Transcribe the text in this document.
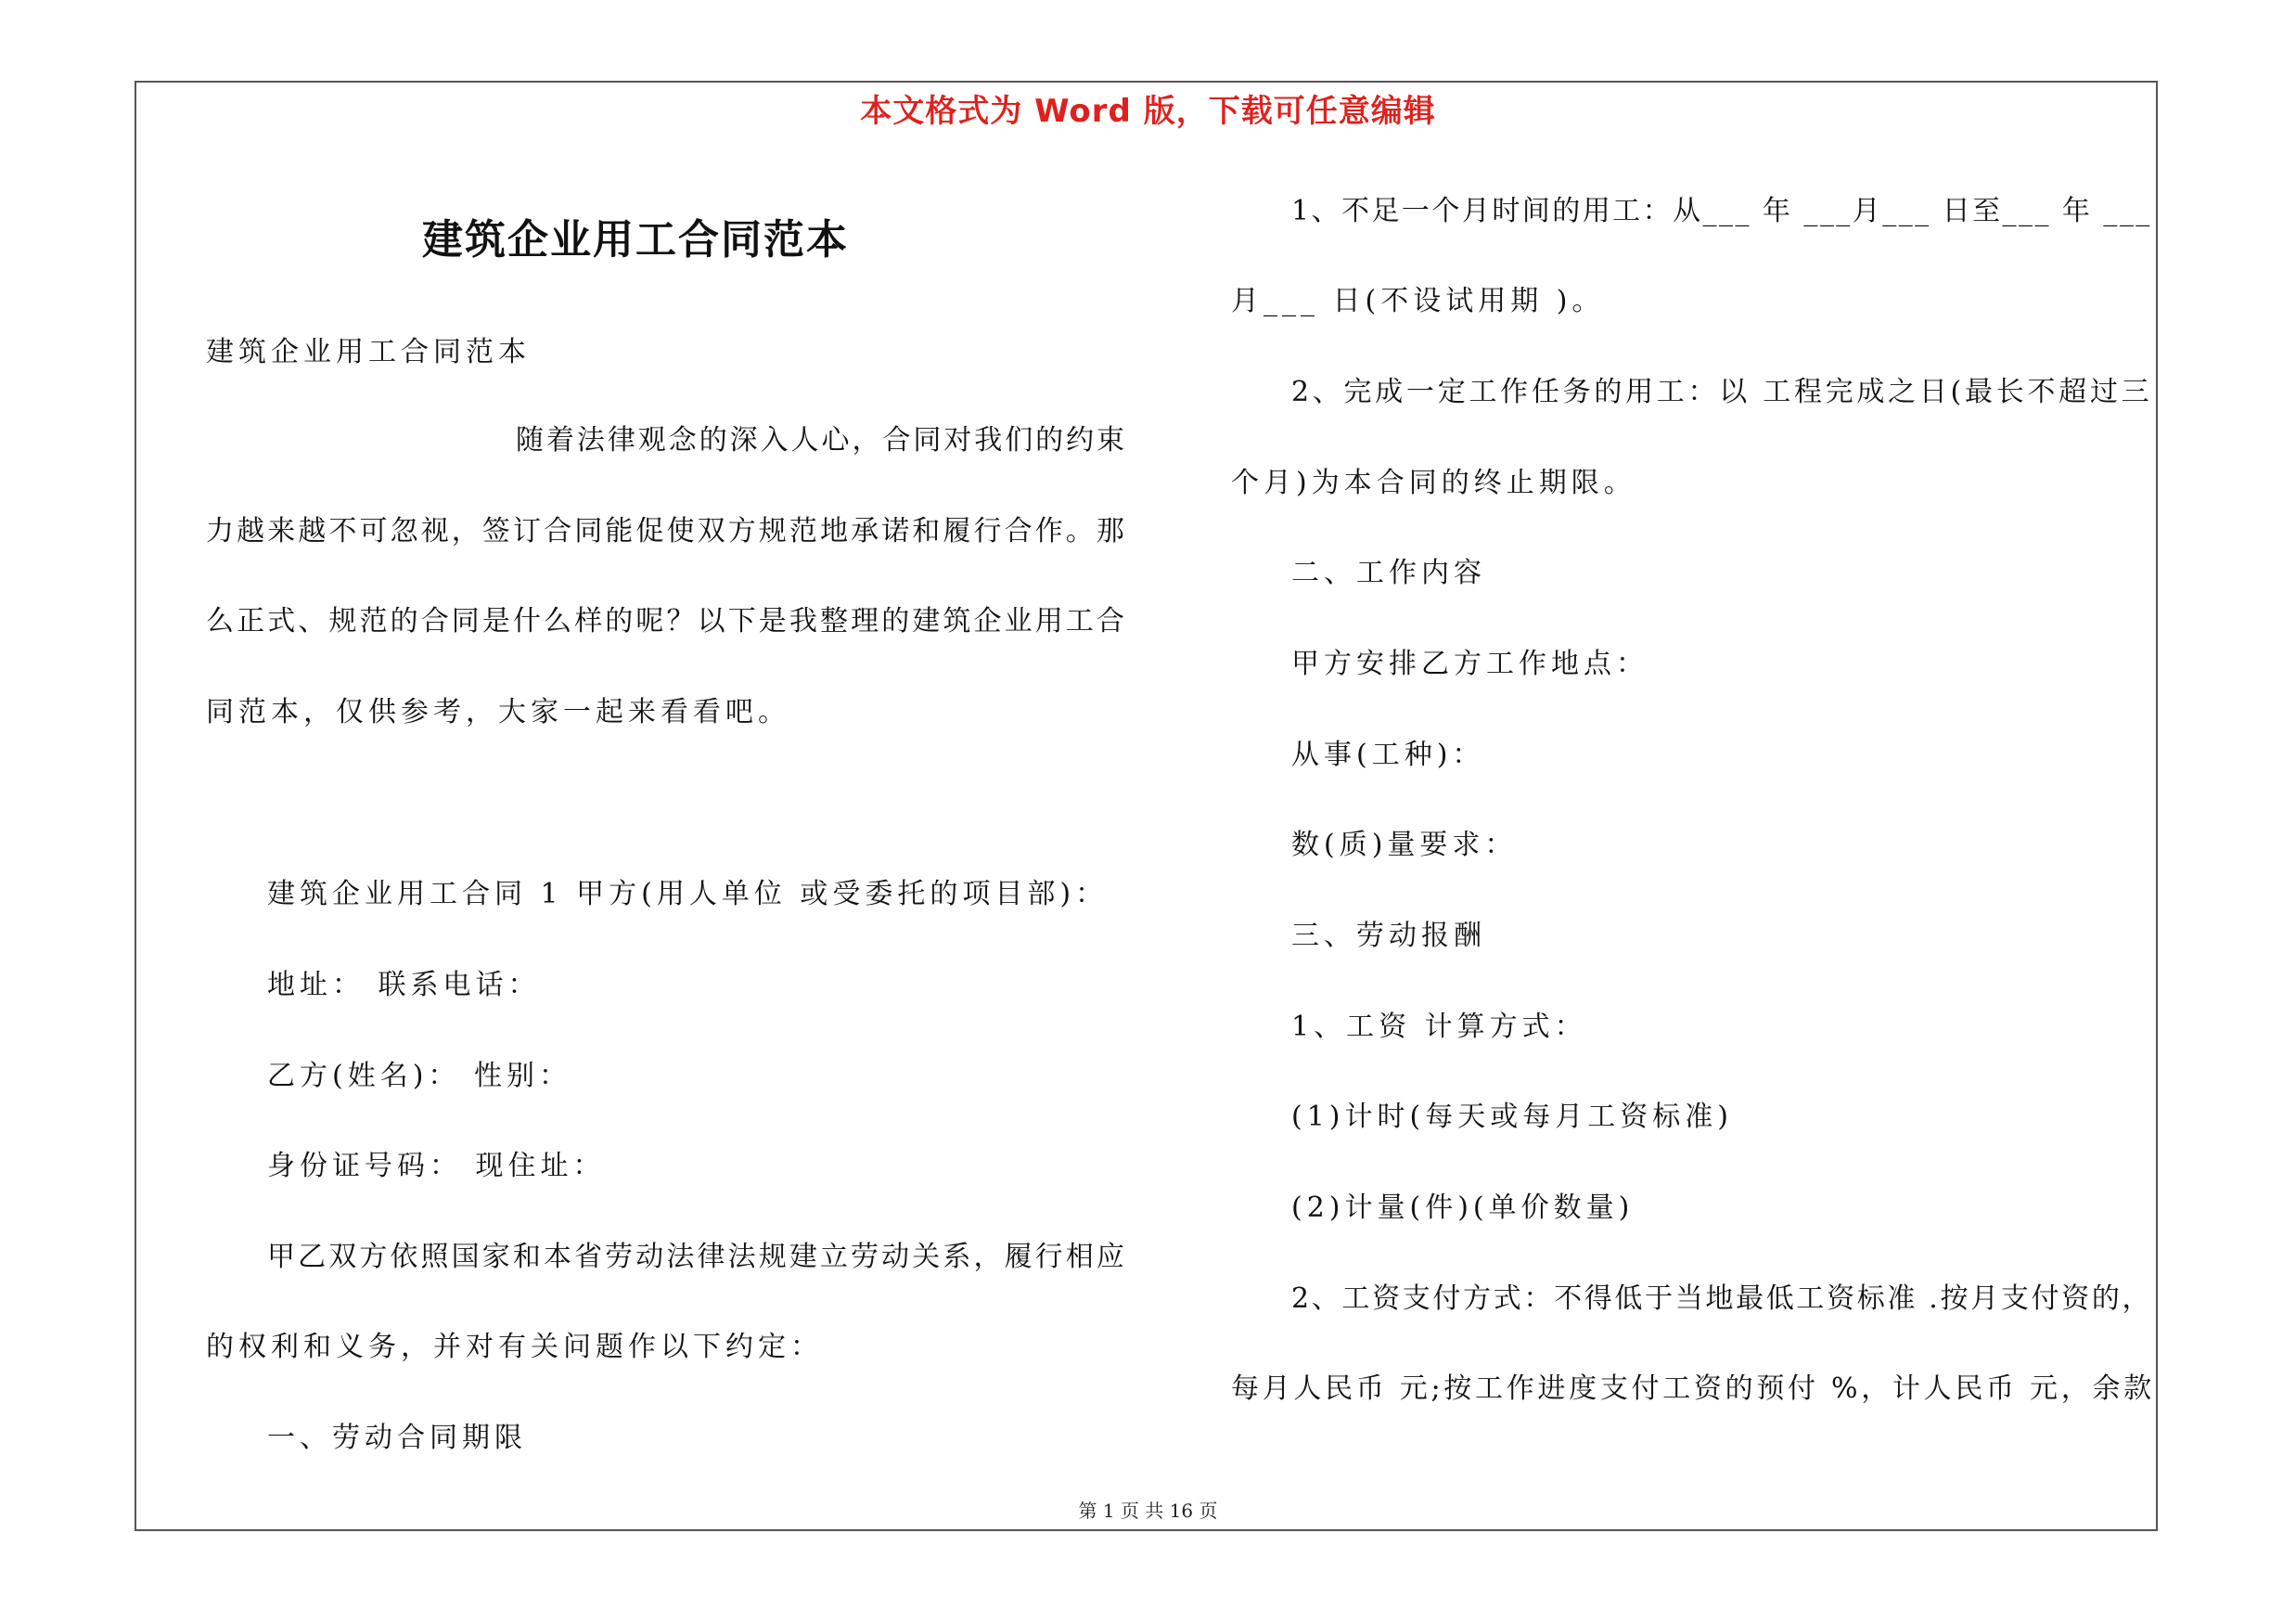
本文格式为 Word 版，下载可任意编辑
建筑企业用工合同范本
建筑企业用工合同范本
随着法律观念的深入人心，合同对我们的约束
力越来越不可忽视，签订合同能促使双方规范地承诺和履行合作。那
么正式、规范的合同是什么样的呢？以下是我整理的建筑企业用工合
同范本，仅供参考，大家一起来看看吧。
建筑企业用工合同 1 甲方(用人单位 或受委托的项目部)：
地址： 联系电话：
乙方(姓名)： 性别：
身份证号码： 现住址：
甲乙双方依照国家和本省劳动法律法规建立劳动关系，履行相应
的权利和义务，并对有关问题作以下约定：
一、劳动合同期限
1、不足一个月时间的用工：从___ 年 ___月___ 日至___ 年 ___
月___ 日(不设试用期 )。
2、完成一定工作任务的用工：以 工程完成之日(最长不超过三
个月)为本合同的终止期限。
二、工作内容
甲方安排乙方工作地点：
从事(工种)：
数(质)量要求：
三、劳动报酬
1、工资 计算方式：
(1)计时(每天或每月工资标准)
(2)计量(件)(单价数量)
2、工资支付方式：不得低于当地最低工资标准 .按月支付资的，
每月人民币 元;按工作进度支付工资的预付 %，计人民币 元，余款
第 1 页 共 16 页
